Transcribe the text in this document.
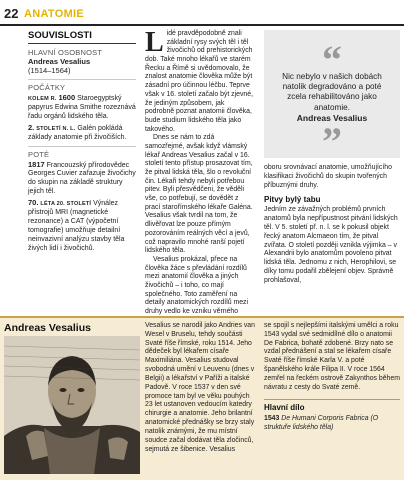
22 ANATOMIE
SOUVISLOSTI
HLAVNÍ OSOBNOST
Andreas Vesalius
(1514–1564)
POČÁTKY
KOLEM R. 1600 Staroegyptský papyrus Edwina Smithe rozeznává řadu orgánů lidského těla.
2. STOLETÍ N. L. Galén pokládá základy anatomie při živočiších.
POTÉ
1817 Francouzský přírodovědec Georges Cuvier zařazuje živočichy do skupin na základě struktury jejich těl.
70. LÉTA 20. STOLETÍ Výnález přístrojů MRI (magnetické rezonance) a CAT (výpočetní tomografie) umožňuje detailní neinvazivní analýzu stavby těla živých lidí i živočichů.

Lidé pravděpodobně znali základní rysy svých těl i těl živočichů od prehistorických dob. Také mnoho lékařů ve starém Řecku a Římě si uvědomovalo, že znalost anatomie člověka může být zásadní pro účinnou léčbu. Teprve však v 16. století začalo být zjevné, že jediným způsobem, jak podrobně poznat anatomii člověka, bude studium lidského těla jako takového.

Dnes se nám to zdá samozřejmé, avšak když vlámský lékař Andreas Vesalius začal v 16. století tento přístup prosazovat tím, že pitval lidská těla, šlo o revoluční čin. Lékaři tehdy nebyli potřebou pitev. Byli přesvědčeni, že věděli vše, co potřebují, se dovědět z prací starořímského lékaře Galéna. Vesalius však tvrdil na tom, že dlivěřovat lze pouze přímým pozorováním reálných věcí a jevů, což napravilo mnohé ranší pojetí lidského těla.

Vesalius prokázal, přece na člověka žáce s převládání rozdílů mezi anatomií člověka a jiných živočichů – i toho, co mají společného. Toto zaměření na detaily anatomických rozdílů mezi druhy vedlo ke vzniku věrného

“
Nic nebylo v našich dobách natolik degradováno a poté zcela rehabilitováno jako anatomie.
Andreas Vesalius
”

oboru srovnávací anatomie, umožňujícího klasifikaci živočichů do skupin tvořených příbuznými druhy.

Pitvy bylý tabu

Jedním ze závažných problémů prvních anatomů byla nepřípustnost pitvání lidských těl. V 5. století př. n. l. se k pokusil objekt řecký anatom Alcmaeon tím, že pitval zvířata. O století později vznikla výjimka – v Alexandrii bylo anatomům povoleno pitvat lidská těla. Jednomu z nich, Herophilovi, se díky tomu podařil zbělejení objev. Správně prohlašoval,

Andreas Vesalius	Vesalius se narodil jako Andries van Wesel v Bruselu, tehdy součásti Svaté říše římské, roku 1514. Jeho dědeček byl lékařem císaře Maximiliána. Vesalius studoval svobodná umění v Leuvenu (dnes v Belgii) a lékařství v Paříži a italské Padově. V roce 1537 v den své promoce tam byl ve věku pouhých 23 let ustanoven vedoucím katedry chirurgie a anatomie. Jeho brilantní anatomické přednášky se brzy staly natolik známými, že mu místní soudce začal dodávat těla zločinců, sejmutá ze šibenice. Vesalius

se spojil s nejlepšími italskými umělci a roku 1543 vydal své sedmidílné dílo o anatomii De Fabrica, bohatě zdobené. Brzy nato se vzdal přednášení a stal se lékařem císaře Svaté říše římské Karla V. a poté španělského krále Filipa II. V roce 1564 zemřel na řeckém ostrově Zakynthos během návratu z cesty do Svaté země.

Hlavní dílo

1543 De Humani Corporis Fabrica (O struktuře lidského těla)
